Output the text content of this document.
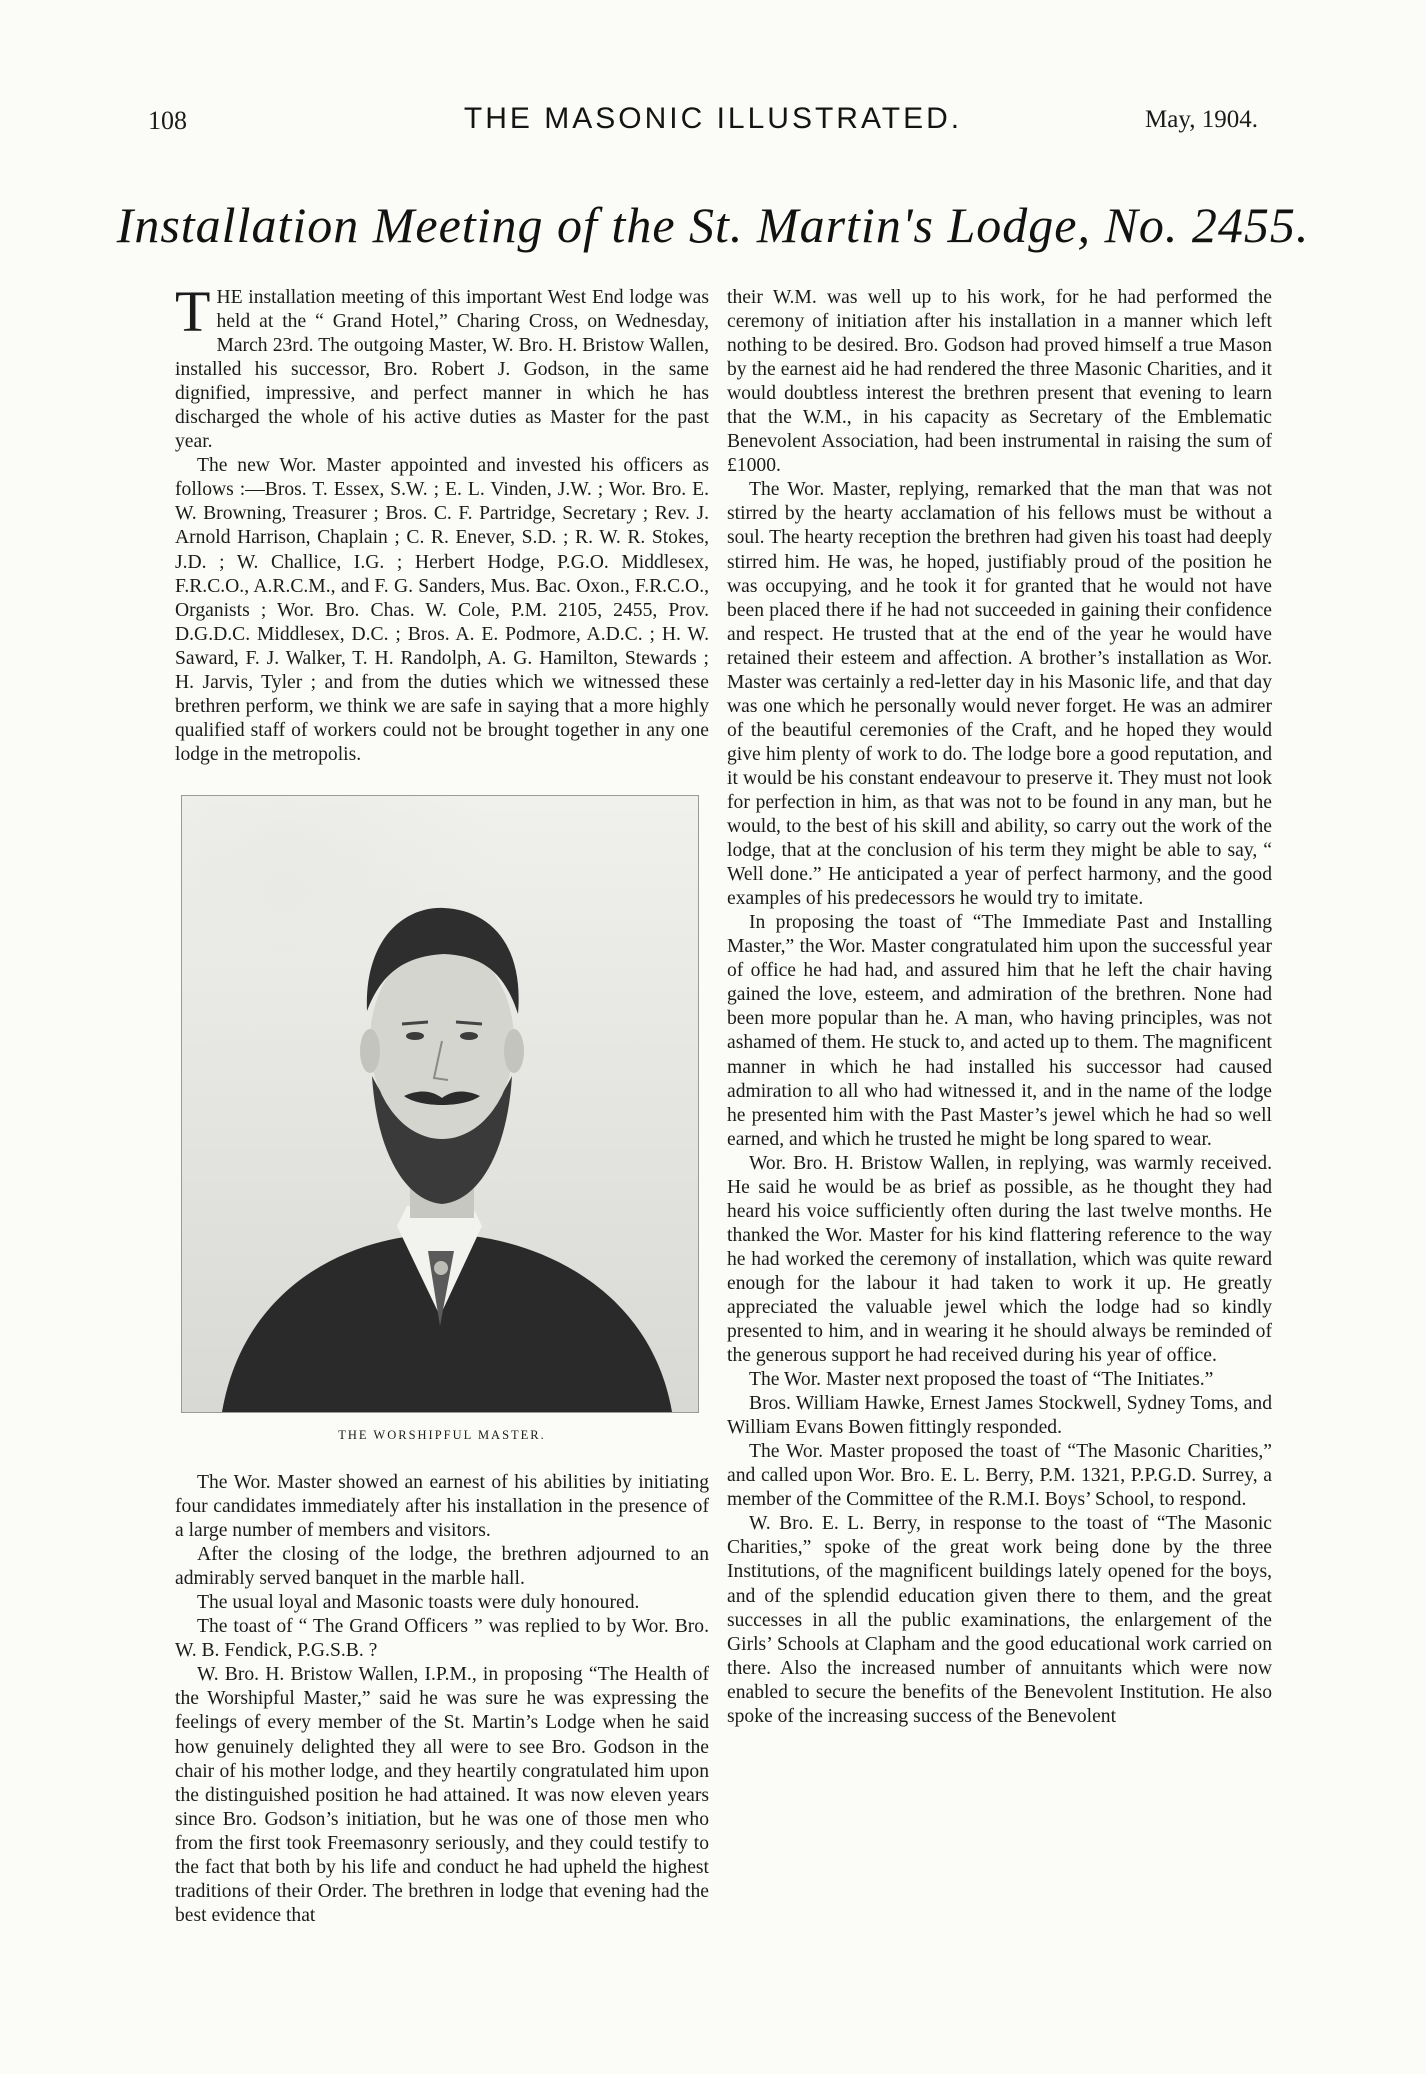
108	THE MASONIC ILLUSTRATED.	May, 1904.
Installation Meeting of the St. Martin's Lodge, No. 2455.

THE installation meeting of this important West End lodge was held at the “ Grand Hotel,” Charing Cross, on Wednesday, March 23rd. The outgoing Master, W. Bro. H. Bristow Wallen, installed his successor, Bro. Robert J. Godson, in the same dignified, impressive, and perfect manner in which he has discharged the whole of his active duties as Master for the past year.

The new Wor. Master appointed and invested his officers as follows :—Bros. T. Essex, S.W. ; E. L. Vinden, J.W. ; Wor. Bro. E. W. Browning, Treasurer ; Bros. C. F. Partridge, Secretary ; Rev. J. Arnold Harrison, Chaplain ; C. R. Enever, S.D. ; R. W. R. Stokes, J.D. ; W. Challice, I.G. ; Herbert Hodge, P.G.O. Middlesex, F.R.C.O., A.R.C.M., and F. G. Sanders, Mus. Bac. Oxon., F.R.C.O., Organists ; Wor. Bro. Chas. W. Cole, P.M. 2105, 2455, Prov. D.G.D.C. Middlesex, D.C. ; Bros. A. E. Podmore, A.D.C. ; H. W. Saward, F. J. Walker, T. H. Randolph, A. G. Hamilton, Stewards ; H. Jarvis, Tyler ; and from the duties which we witnessed these brethren perform, we think we are safe in saying that a more highly qualified staff of workers could not be brought together in any one lodge in the metropolis.

THE WORSHIPFUL MASTER.

The Wor. Master showed an earnest of his abilities by initiating four candidates immediately after his installation in the presence of a large number of members and visitors.

After the closing of the lodge, the brethren adjourned to an admirably served banquet in the marble hall.

The usual loyal and Masonic toasts were duly honoured.

The toast of “ The Grand Officers ” was replied to by Wor. Bro. W. B. Fendick, P.G.S.B. ?

W. Bro. H. Bristow Wallen, I.P.M., in proposing “The Health of the Worshipful Master,” said he was sure he was expressing the feelings of every member of the St. Martin’s Lodge when he said how genuinely delighted they all were to see Bro. Godson in the chair of his mother lodge, and they heartily congratulated him upon the distinguished position he had attained. It was now eleven years since Bro. Godson’s initiation, but he was one of those men who from the first took Freemasonry seriously, and they could testify to the fact that both by his life and conduct he had upheld the highest traditions of their Order. The brethren in lodge that evening had the best evidence that

their W.M. was well up to his work, for he had performed the ceremony of initiation after his installation in a manner which left nothing to be desired. Bro. Godson had proved himself a true Mason by the earnest aid he had rendered the three Masonic Charities, and it would doubtless interest the brethren present that evening to learn that the W.M., in his capacity as Secretary of the Emblematic Benevolent Association, had been instrumental in raising the sum of £1000.

The Wor. Master, replying, remarked that the man that was not stirred by the hearty acclamation of his fellows must be without a soul. The hearty reception the brethren had given his toast had deeply stirred him. He was, he hoped, justifiably proud of the position he was occupying, and he took it for granted that he would not have been placed there if he had not succeeded in gaining their confidence and respect. He trusted that at the end of the year he would have retained their esteem and affection. A brother’s installation as Wor. Master was certainly a red-letter day in his Masonic life, and that day was one which he personally would never forget. He was an admirer of the beautiful ceremonies of the Craft, and he hoped they would give him plenty of work to do. The lodge bore a good reputation, and it would be his constant endeavour to preserve it. They must not look for perfection in him, as that was not to be found in any man, but he would, to the best of his skill and ability, so carry out the work of the lodge, that at the conclusion of his term they might be able to say, “ Well done.” He anticipated a year of perfect harmony, and the good examples of his predecessors he would try to imitate.

In proposing the toast of “The Immediate Past and Installing Master,” the Wor. Master congratulated him upon the successful year of office he had had, and assured him that he left the chair having gained the love, esteem, and admiration of the brethren. None had been more popular than he. A man, who having principles, was not ashamed of them. He stuck to, and acted up to them. The magnificent manner in which he had installed his successor had caused admiration to all who had witnessed it, and in the name of the lodge he presented him with the Past Master’s jewel which he had so well earned, and which he trusted he might be long spared to wear.

Wor. Bro. H. Bristow Wallen, in replying, was warmly received. He said he would be as brief as possible, as he thought they had heard his voice sufficiently often during the last twelve months. He thanked the Wor. Master for his kind flattering reference to the way he had worked the ceremony of installation, which was quite reward enough for the labour it had taken to work it up. He greatly appreciated the valuable jewel which the lodge had so kindly presented to him, and in wearing it he should always be reminded of the generous support he had received during his year of office.

The Wor. Master next proposed the toast of “The Initiates.”

Bros. William Hawke, Ernest James Stockwell, Sydney Toms, and William Evans Bowen fittingly responded.

The Wor. Master proposed the toast of “The Masonic Charities,” and called upon Wor. Bro. E. L. Berry, P.M. 1321, P.P.G.D. Surrey, a member of the Committee of the R.M.I. Boys’ School, to respond.

W. Bro. E. L. Berry, in response to the toast of “The Masonic Charities,” spoke of the great work being done by the three Institutions, of the magnificent buildings lately opened for the boys, and of the splendid education given there to them, and the great successes in all the public examinations, the enlargement of the Girls’ Schools at Clapham and the good educational work carried on there. Also the increased number of annuitants which were now enabled to secure the benefits of the Benevolent Institution. He also spoke of the increasing success of the Benevolent
